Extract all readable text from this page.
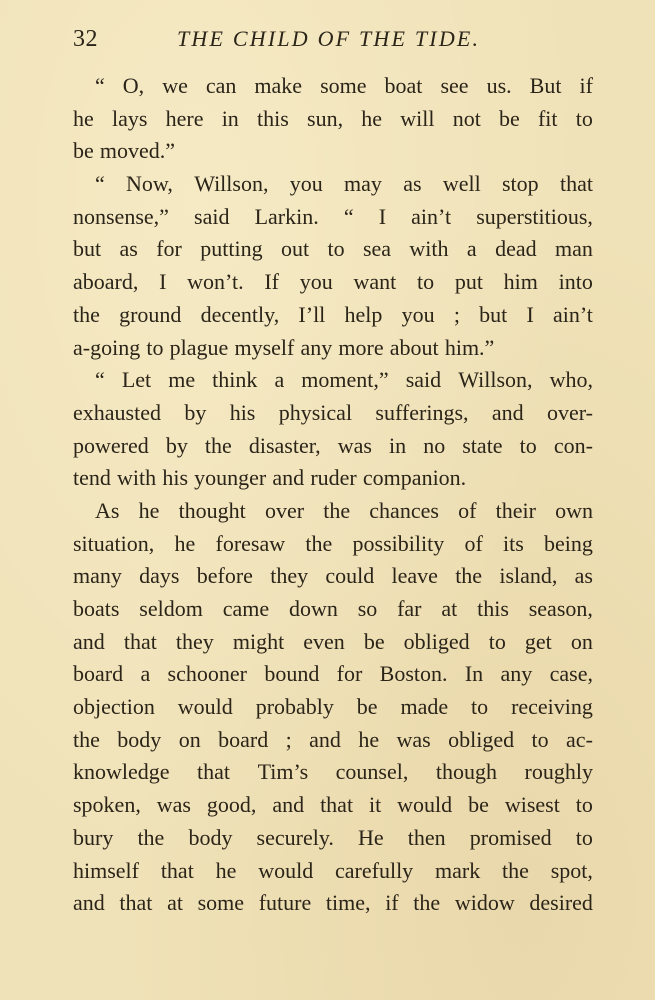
32	THE CHILD OF THE TIDE.
“ O, we can make some boat see us. But if
he lays here in this sun, he will not be fit to
be moved.”
“ Now, Willson, you may as well stop that
nonsense,” said Larkin. “ I ain’t superstitious,
but as for putting out to sea with a dead man
aboard, I won’t. If you want to put him into
the ground decently, I’ll help you ; but I ain’t
a-going to plague myself any more about him.”
“ Let me think a moment,” said Willson, who,
exhausted by his physical sufferings, and over-
powered by the disaster, was in no state to con-
tend with his younger and ruder companion.
As he thought over the chances of their own
situation, he foresaw the possibility of its being
many days before they could leave the island, as
boats seldom came down so far at this season,
and that they might even be obliged to get on
board a schooner bound for Boston. In any case,
objection would probably be made to receiving
the body on board ; and he was obliged to ac-
knowledge that Tim’s counsel, though roughly
spoken, was good, and that it would be wisest to
bury the body securely. He then promised to
himself that he would carefully mark the spot,
and that at some future time, if the widow desired
